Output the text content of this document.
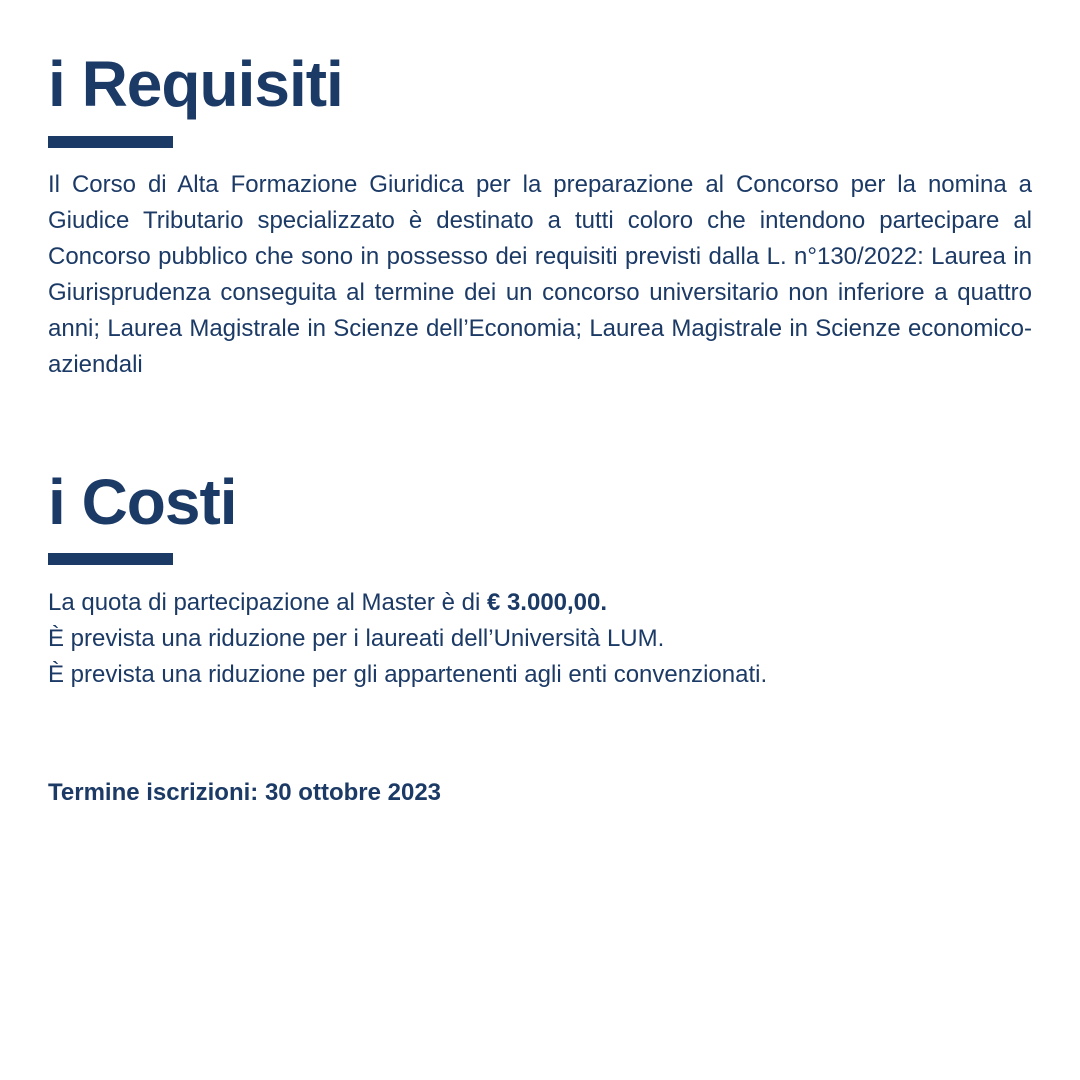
i Requisiti

Il Corso di Alta Formazione Giuridica per la preparazione al Concorso per la nomina a Giudice Tributario specializzato è destinato a tutti coloro che intendono partecipare al Concorso pubblico che sono in possesso dei requisiti previsti dalla L. n°130/2022: Laurea in Giurisprudenza conseguita al termine dei un concorso universitario non inferiore a quattro anni; Laurea Magistrale in Scienze dell’Economia; Laurea Magistrale in Scienze economico- aziendali

i Costi
La quota di partecipazione al Master è di € 3.000,00.
È prevista una riduzione per i laureati dell’Università LUM.
È prevista una riduzione per gli appartenenti agli enti convenzionati.
Termine iscrizioni: 30 ottobre 2023
